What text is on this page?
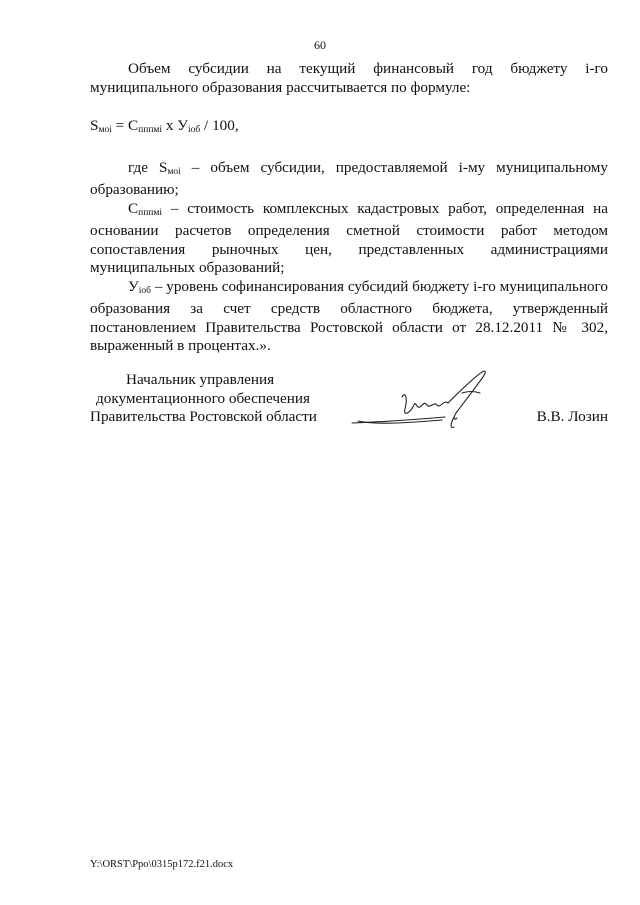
60

Объем субсидии на текущий финансовый год бюджету i-го муниципального образования рассчитывается по формуле:

$S_{моi} = С_{пппмi}$ х $У_{iоб} / 100$,

где $S_{моi}$ – объем субсидии, предоставляемой i-му муниципальному образованию;

$С_{пппмi}$ – стоимость комплексных кадастровых работ, определенная на основании расчетов определения сметной стоимости работ методом сопоставления рыночных цен, представленных администрациями муниципальных образований;

$У_{iоб}$ – уровень софинансирования субсидий бюджету i-го муниципального образования за счет средств областного бюджета, утвержденный постановлением Правительства Ростовской области от 28.12.2011 № 302, выраженный в процентах.».

Начальник управления
документационного обеспечения
Правительства Ростовской области	В.В. Лозин
Y:\ORST\Ppo\0315p172.f21.docx
